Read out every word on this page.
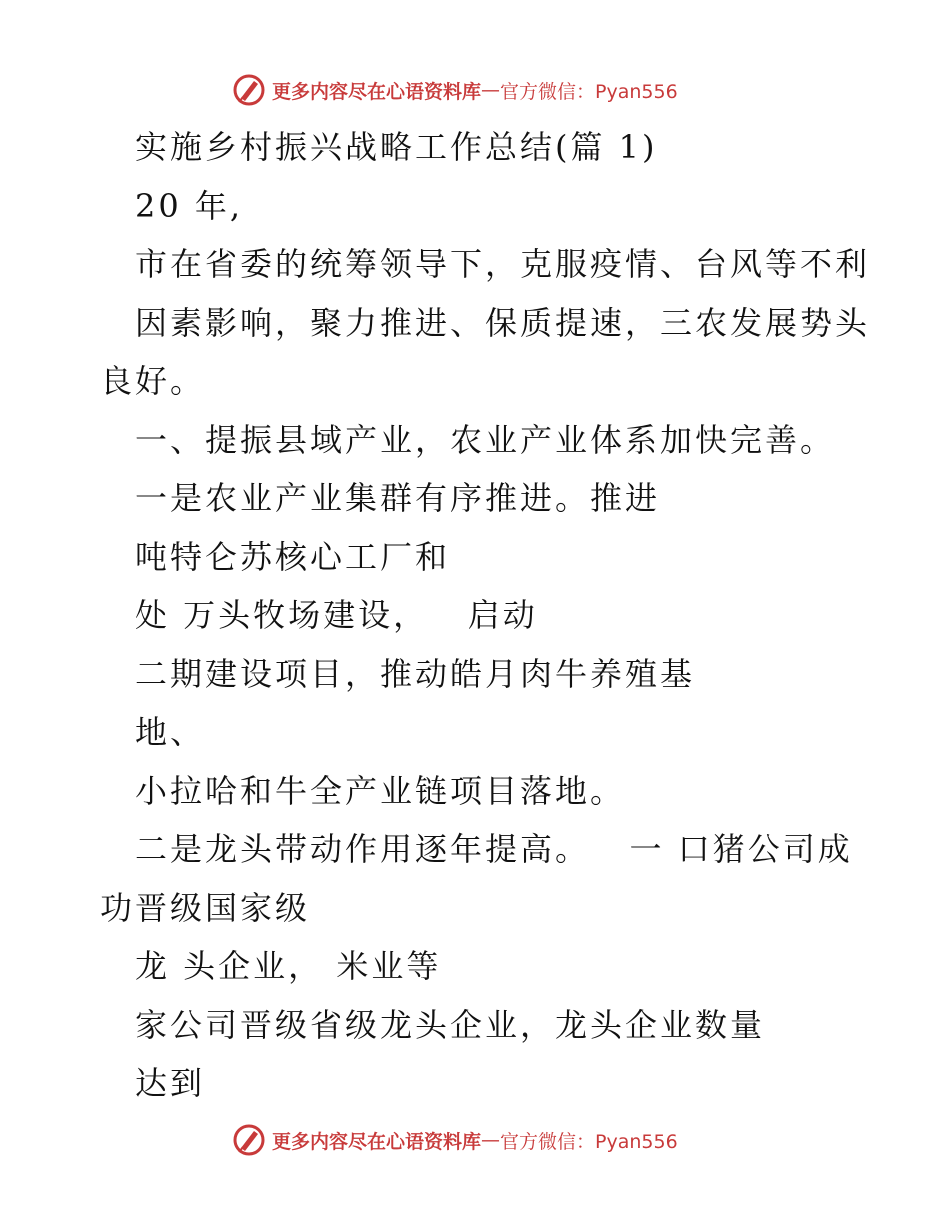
更多内容尽在心语资料库 — 官方微信：Pyan556
实施乡村振兴战略工作总结(篇 1)
20 年,
市在省委的统筹领导下，克服疫情、台风等不利
因素影响，聚力推进、保质提速，三农发展势头
良好。
一、提振县域产业，农业产业体系加快完善。
一是农业产业集群有序推进。推进
吨特仑苏核心工厂和
处 万头牧场建设，   启动
二期建设项目，推动皓月肉牛养殖基
地、
小拉哈和牛全产业链项目落地。
二是龙头带动作用逐年提高。   一 口猪公司成
功晋级国家级
龙 头企业， 米业等
家公司晋级省级龙头企业，龙头企业数量
达到
更多内容尽在心语资料库 — 官方微信：Pyan556
